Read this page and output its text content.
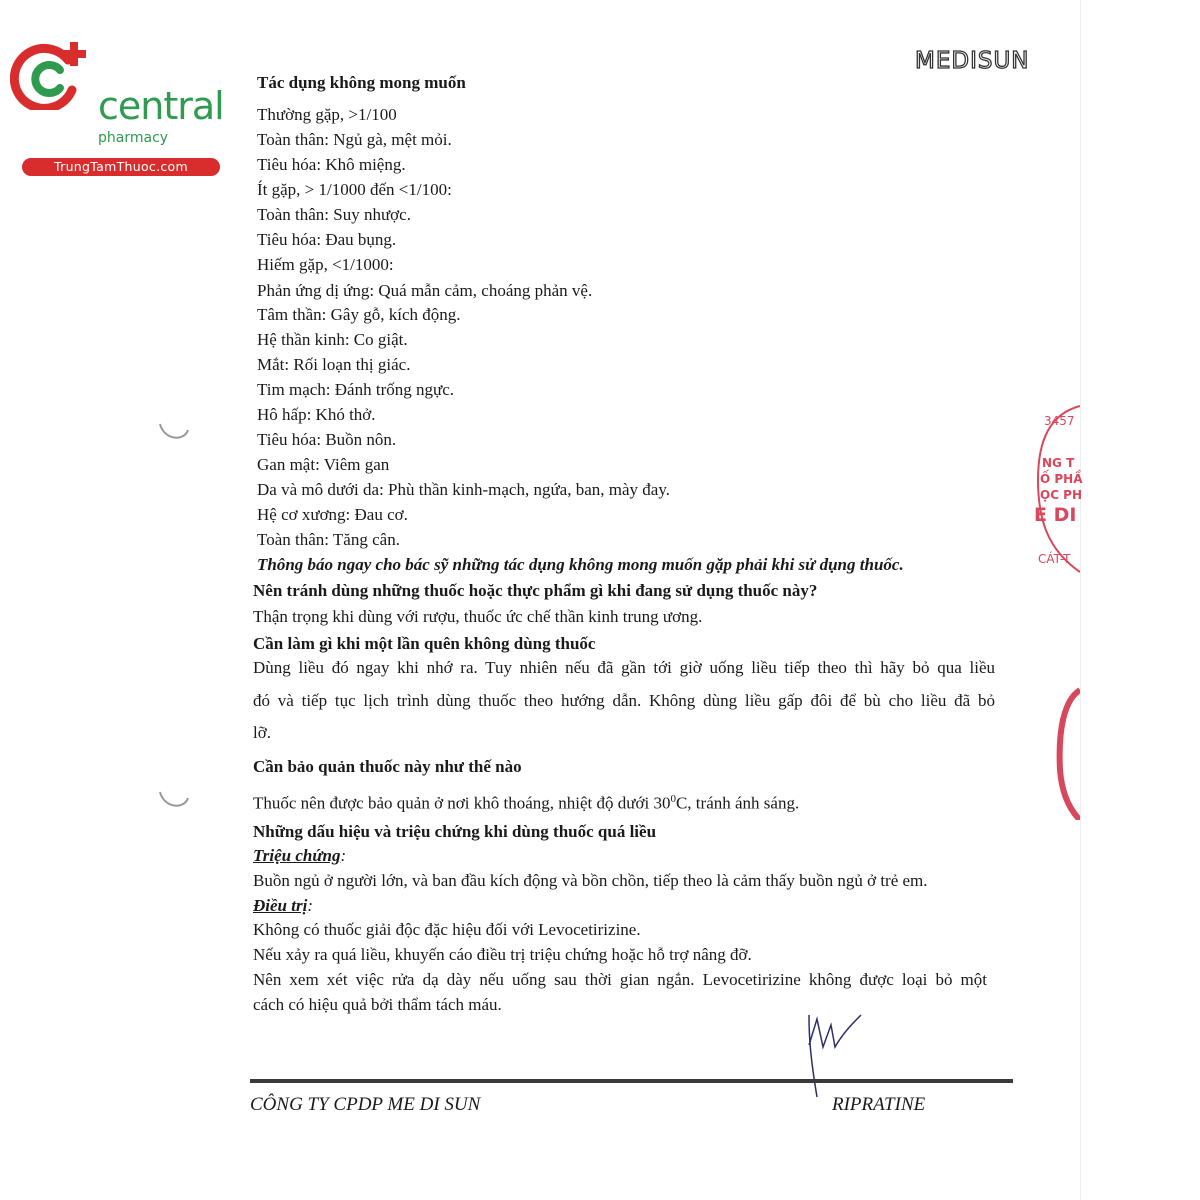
central

pharmacy
TrungTamThuoc.com
MEDISUN
Tác dụng không mong muốn
Thường gặp, >1/100
Toàn thân: Ngủ gà, mệt mỏi.
Tiêu hóa: Khô miệng.
Ít gặp, > 1/1000 đến <1/100:
Toàn thân: Suy nhược.
Tiêu hóa: Đau bụng.
Hiếm gặp, <1/1000:
Phản ứng dị ứng: Quá mẫn cảm, choáng phản vệ.
Tâm thần: Gây gỗ, kích động.
Hệ thần kinh: Co giật.
Mắt: Rối loạn thị giác.
Tim mạch: Đánh trống ngực.
Hô hấp: Khó thở.
Tiêu hóa: Buồn nôn.
Gan mật: Viêm gan
Da và mô dưới da: Phù thần kinh-mạch, ngứa, ban, mày đay.
Hệ cơ xương: Đau cơ.
Toàn thân: Tăng cân.
Thông báo ngay cho bác sỹ những tác dụng không mong muốn gặp phải khi sử dụng thuốc.
Nên tránh dùng những thuốc hoặc thực phẩm gì khi đang sử dụng thuốc này?
Thận trọng khi dùng với rượu, thuốc ức chế thần kinh trung ương.
Cần làm gì khi một lần quên không dùng thuốc
Dùng liều đó ngay khi nhớ ra. Tuy nhiên nếu đã gần tới giờ uống liều tiếp theo thì hãy bỏ qua liều
đó và tiếp tục lịch trình dùng thuốc theo hướng dẫn. Không dùng liều gấp đôi để bù cho liều đã bỏ
lỡ.
Cần bảo quản thuốc này như thế nào
Thuốc nên được bảo quản ở nơi khô thoáng, nhiệt độ dưới $30^0C$, tránh ánh sáng.
Những dấu hiệu và triệu chứng khi dùng thuốc quá liều
Triệu chứng:
Buồn ngủ ở người lớn, và ban đầu kích động và bồn chồn, tiếp theo là cảm thấy buồn ngủ ở trẻ em.
Điều trị:
Không có thuốc giải độc đặc hiệu đối với Levocetirizine.
Nếu xảy ra quá liều, khuyến cáo điều trị triệu chứng hoặc hỗ trợ nâng đỡ.
Nên xem xét việc rửa dạ dày nếu uống sau thời gian ngắn. Levocetirizine không được loại bỏ một
cách có hiệu quả bởi thẩm tách máu.
CÔNG TY CPDP ME DI SUN	RIPRATINE
3457
NG T
Ố PHẦ
ỌC PH
E DI
CÁT-T
